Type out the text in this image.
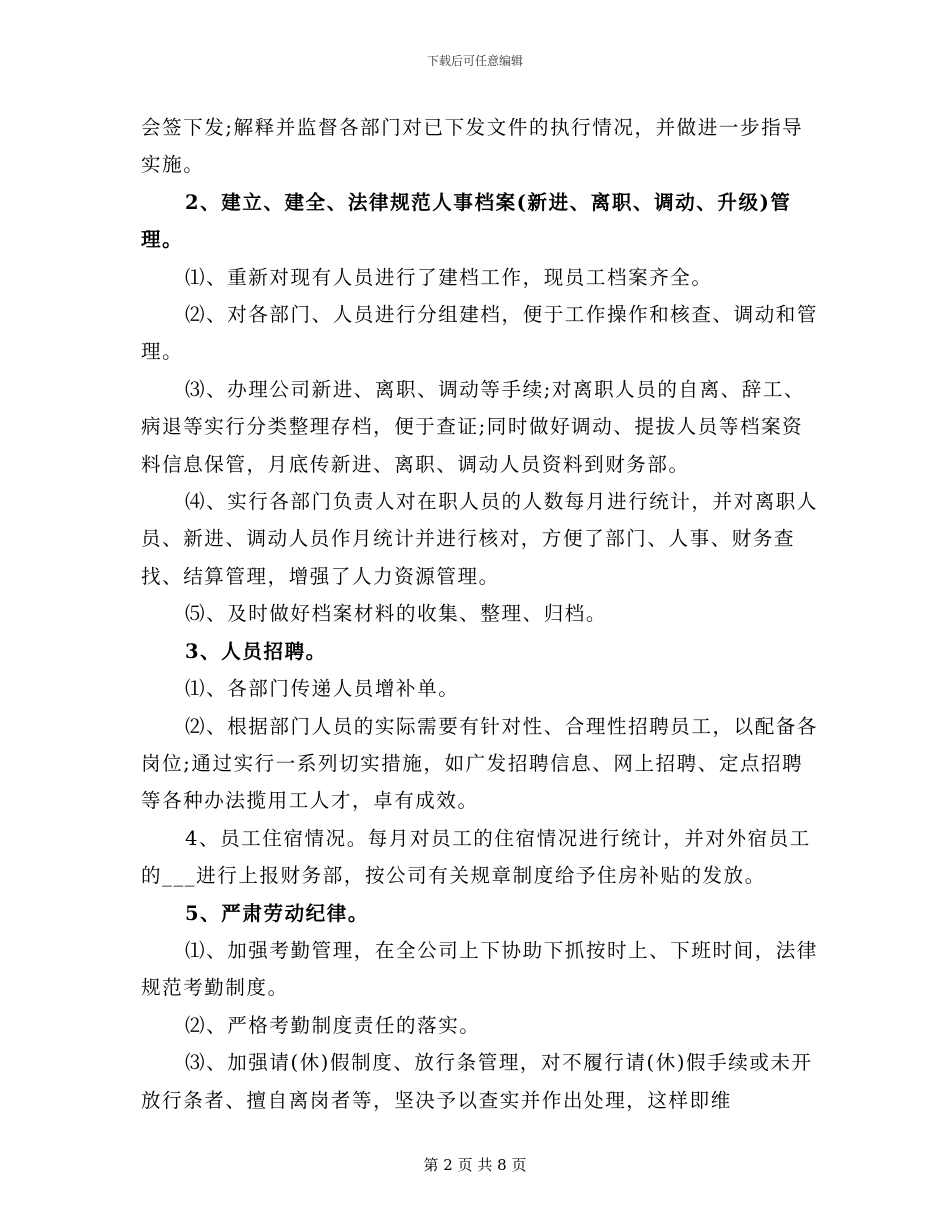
下载后可任意编辑

会签下发;解释并监督各部门对已下发文件的执行情况，并做进一步指导实施。

2、建立、建全、法律规范人事档案(新进、离职、调动、升级)管理。

⑴、重新对现有人员进行了建档工作，现员工档案齐全。

⑵、对各部门、人员进行分组建档，便于工作操作和核查、调动和管理。

⑶、办理公司新进、离职、调动等手续;对离职人员的自离、辞工、病退等实行分类整理存档，便于查证;同时做好调动、提拔人员等档案资料信息保管，月底传新进、离职、调动人员资料到财务部。

⑷、实行各部门负责人对在职人员的人数每月进行统计，并对离职人员、新进、调动人员作月统计并进行核对，方便了部门、人事、财务查找、结算管理，增强了人力资源管理。

⑸、及时做好档案材料的收集、整理、归档。

3、人员招聘。

⑴、各部门传递人员增补单。

⑵、根据部门人员的实际需要有针对性、合理性招聘员工，以配备各岗位;通过实行一系列切实措施，如广发招聘信息、网上招聘、定点招聘等各种办法揽用工人才，卓有成效。

4、员工住宿情况。每月对员工的住宿情况进行统计，并对外宿员工的___进行上报财务部，按公司有关规章制度给予住房补贴的发放。

5、严肃劳动纪律。

⑴、加强考勤管理，在全公司上下协助下抓按时上、下班时间，法律规范考勤制度。

⑵、严格考勤制度责任的落实。

⑶、加强请(休)假制度、放行条管理，对不履行请(休)假手续或未开放行条者、擅自离岗者等，坚决予以查实并作出处理，这样即维

第 2 页 共 8 页
